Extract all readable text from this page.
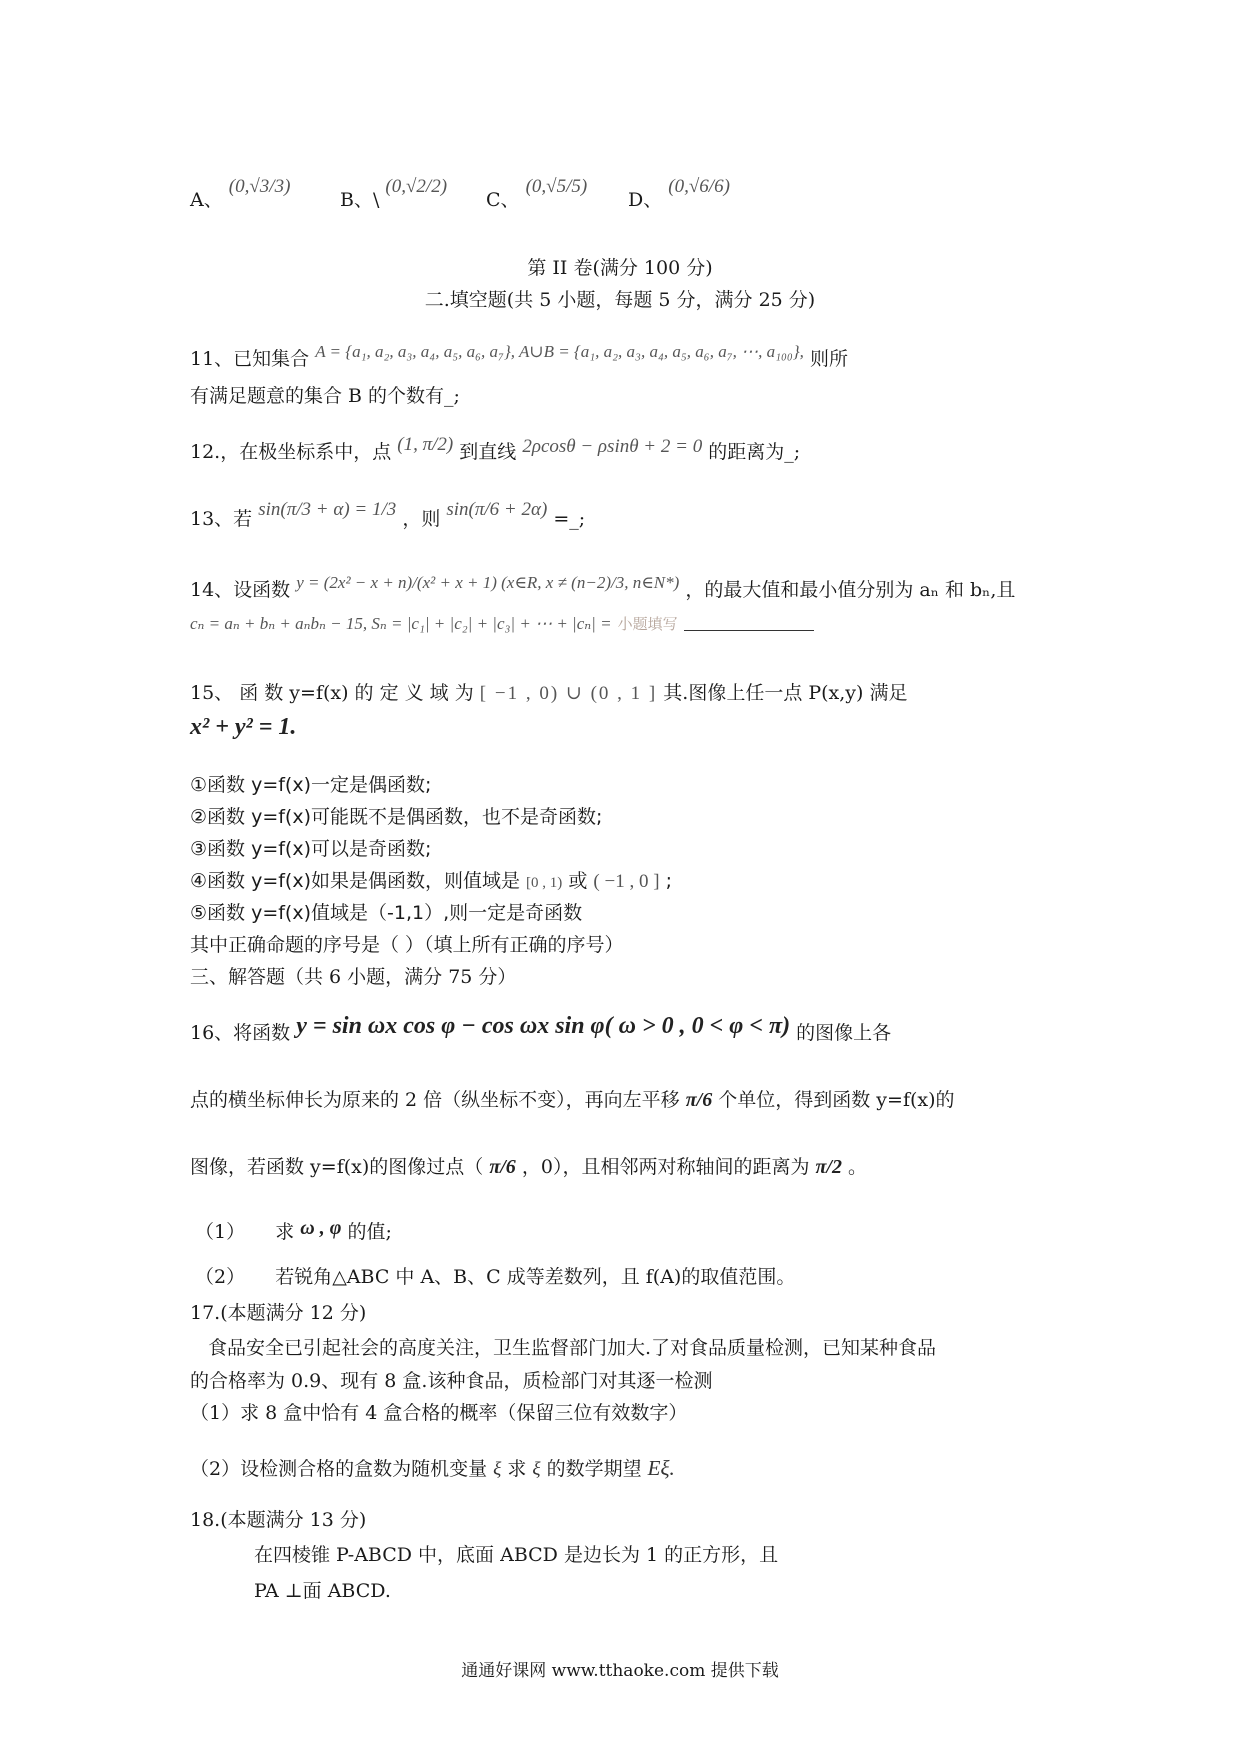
A、 (0,√3/3)
B、\ (0,√2/2)
C、 (0,√5/5)
D、 (0,√6/6)
第 II 卷(满分 100 分)
二.填空题(共 5 小题，每题 5 分，满分 25 分)
11、已知集合 A = {a₁, a₂, a₃, a₄, a₅, a₆, a₇}, A∪B = {a₁, a₂, a₃, a₄, a₅, a₆, a₇, ⋯, a₁₀₀}, 则所
有满足题意的集合 B 的个数有_;
12.，在极坐标系中，点 (1, π/2) 到直线 2ρcosθ − ρsinθ + 2 = 0 的距离为_;
13、若 sin(π/3 + α) = 1/3 ，则 sin(π/6 + 2α) =_;
14、设函数 y = (2x² − x + n)/(x² + x + 1) (x∈R, x ≠ (n−2)/3, n∈N*) ，的最大值和最小值分别为 aₙ 和 bₙ,且
cₙ = aₙ + bₙ + aₙbₙ − 15, Sₙ = |c₁| + |c₂| + |c₃| + ⋯ + |cₙ| = 小题填写
15、 函 数 y=f(x) 的 定 义 域 为 [ −1 , 0) ∪ (0 , 1 ] 其.图像上任一点 P(x,y) 满足
x² + y² = 1.
①函数 y=f(x)一定是偶函数;
②函数 y=f(x)可能既不是偶函数，也不是奇函数;
③函数 y=f(x)可以是奇函数;
④函数 y=f(x)如果是偶函数，则值域是 [0 , 1) 或 ( −1 , 0 ] ;
⑤函数 y=f(x)值域是（-1,1）,则一定是奇函数
其中正确命题的序号是（ ）（填上所有正确的序号）
三、解答题（共 6 小题，满分 75 分）
16、将函数 y = sin ωx cos φ − cos ωx sin φ( ω > 0 , 0 < φ < π) 的图像上各
点的横坐标伸长为原来的 2 倍（纵坐标不变），再向左平移 π/6 个单位，得到函数 y=f(x)的
图像，若函数 y=f(x)的图像过点（ π/6 ，0），且相邻两对称轴间的距离为 π/2 。
（1） 求 ω , φ 的值;
（2） 若锐角△ABC 中 A、B、C 成等差数列，且 f(A)的取值范围。
17.(本题满分 12 分)
食品安全已引起社会的高度关注，卫生监督部门加大.了对食品质量检测，已知某种食品
的合格率为 0.9、现有 8 盒.该种食品，质检部门对其逐一检测
（1）求 8 盒中恰有 4 盒合格的概率（保留三位有效数字）
（2）设检测合格的盒数为随机变量 ξ 求 ξ 的数学期望 Eξ.
18.(本题满分 13 分)
在四棱锥 P-ABCD 中，底面 ABCD 是边长为 1 的正方形，且
PA ⊥面 ABCD.
通通好课网 www.tthaoke.com 提供下载
